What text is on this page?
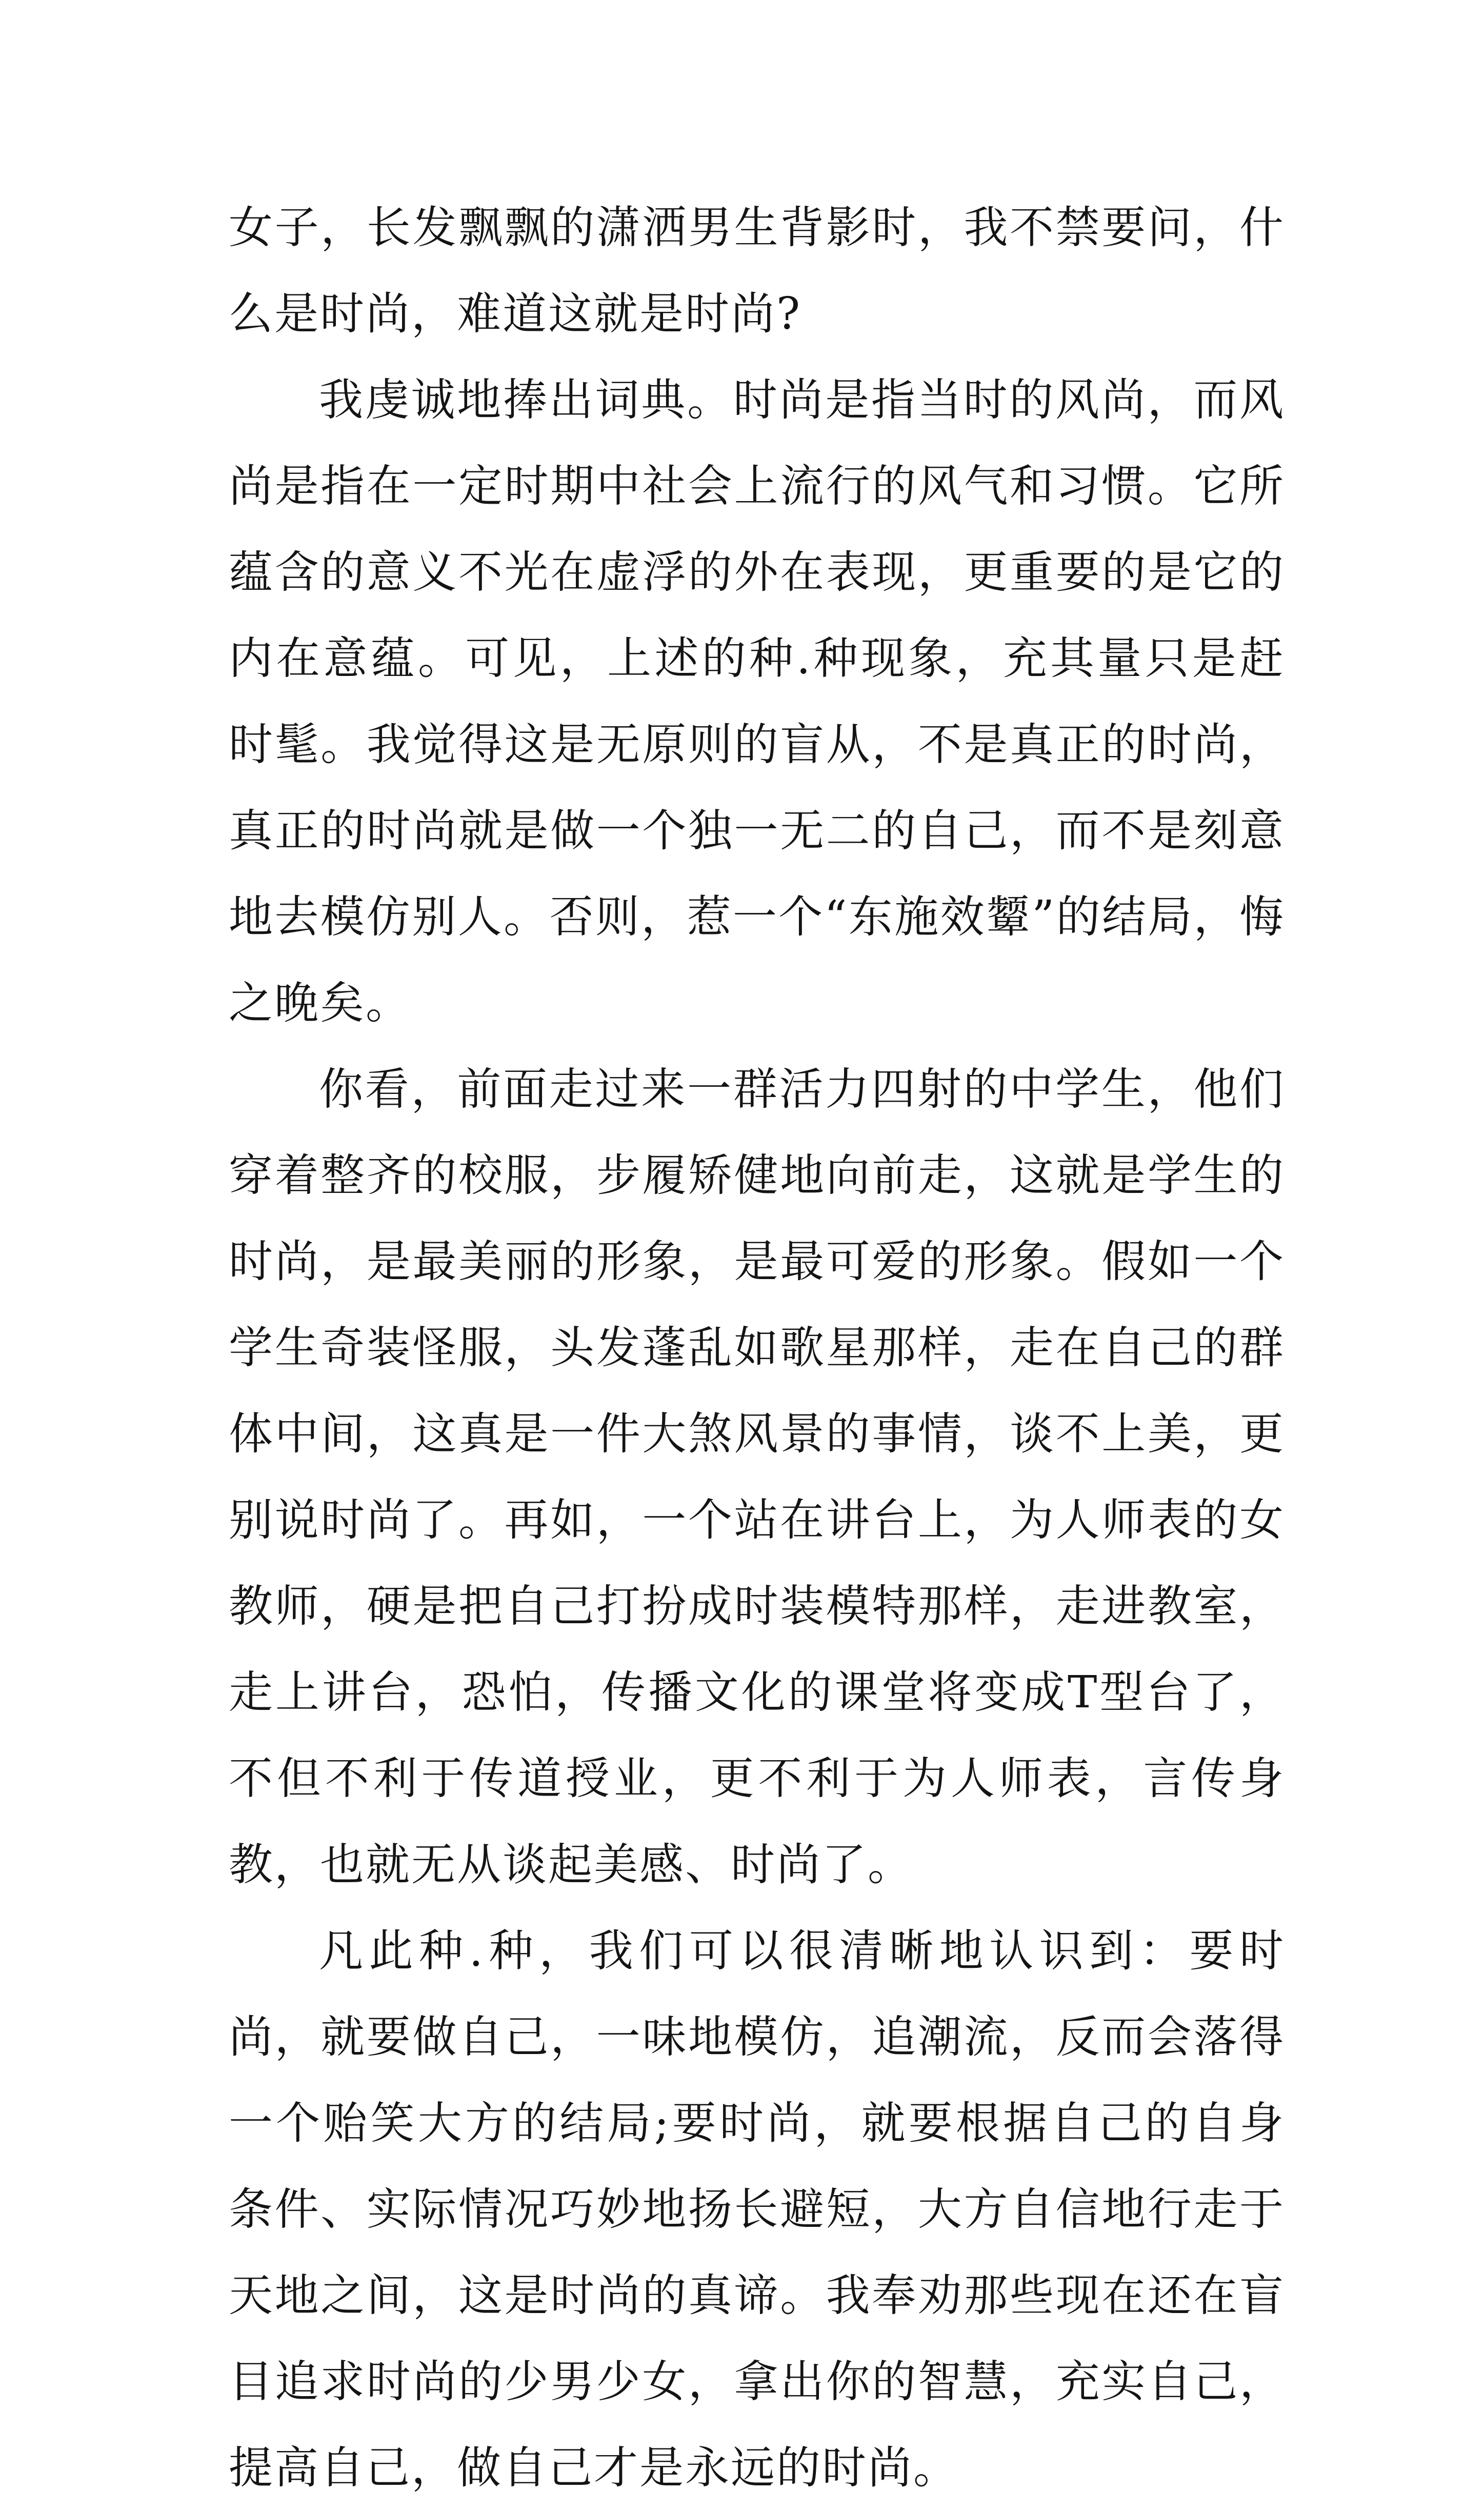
女子，长发飘飘的潇洒男生背影时，我不禁要问，什么是时尚，难道这就是时尚?

我虔诚地捧出词典。时尚是指当时的风尚，而风尚是指在一定时期中社会上流行的风气和习惯。它所蕴含的意义不光在虚浮的外在表现，更重要的是它的内在意蕴。可见，上述的种.种现象，充其量只是赶时髦。我觉得这是无原则的盲从，不是真正的时尚，真正的时尚就是做一个独一无二的自己，而不是刻意地去模仿别人。否则，惹一个“东施效颦”的结局，悔之晚矣。

你看，前面走过来一群活力四射的中学生，他们穿着整齐的校服，步履矫健地向前走，这就是学生的时尚，是最美丽的形象，是最可爱的形象。假如一个学生奇装怪服，头发蓬乱如歌星那样，走在自己的群体中间，这真是一件大煞风景的事情，谈不上美，更别说时尚了。再如，一个站在讲台上，为人师表的女教师，硬是把自己打扮成时装模特那样，走进教室，走上讲台，恐怕，传播文化的课堂将变成T型台了，不但不利于传道授业，更不利于为人师表，言传身教，也就无从谈起美感、时尚了。

凡此种.种，我们可以很清晰地认识到：要时尚，就要做自己，一味地模仿，追潮流，反而会落得一个贻笑大方的结局;要时尚，就要根据自己的自身条件、实际情况巧妙地扬长避短，大方自信地行走于天地之间，这是时尚的真谛。我奉劝那些现在还在盲目追求时尚的少男少女，拿出你的智慧，充实自己，提高自己，做自己才是永远的时尚。
